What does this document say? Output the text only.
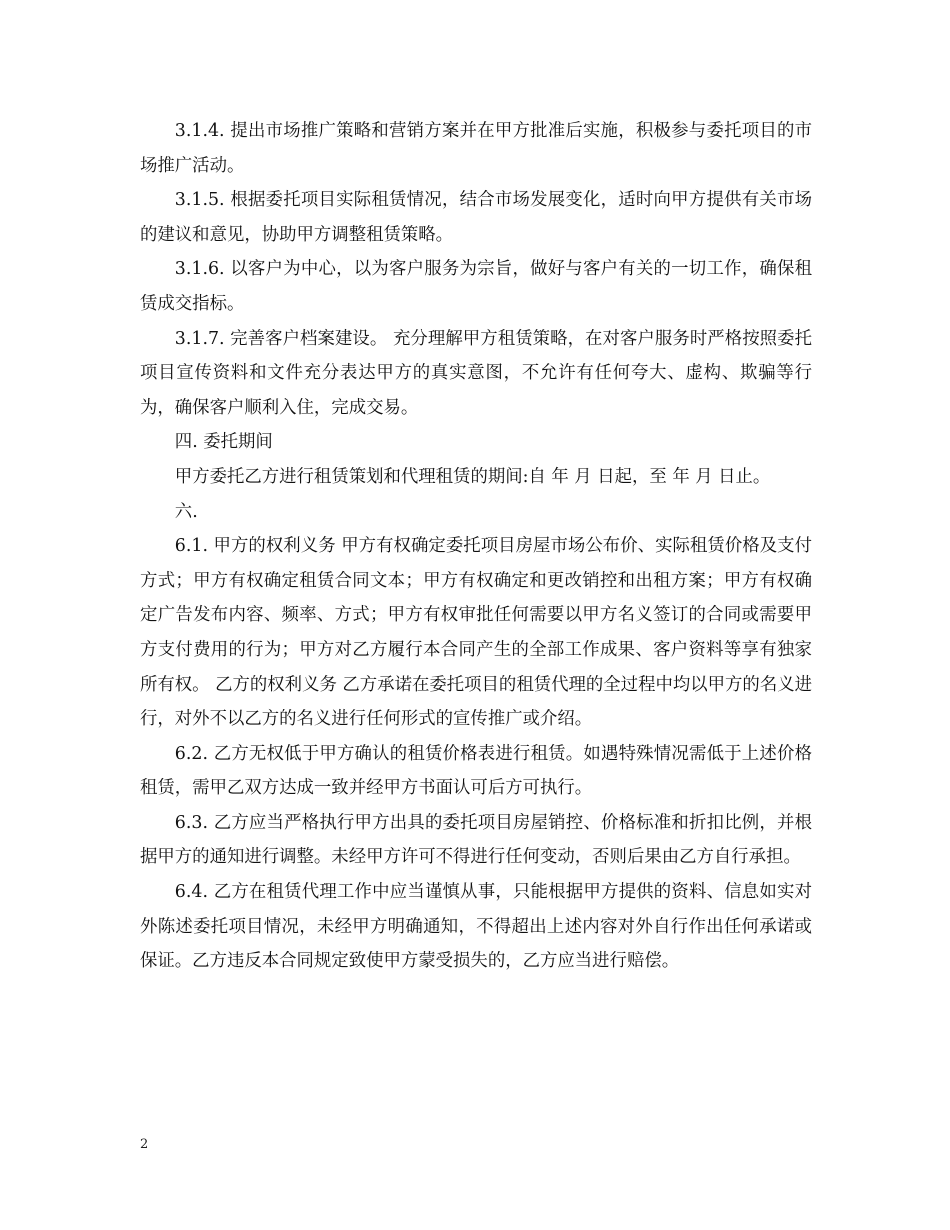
3.1.4. 提出市场推广策略和营销方案并在甲方批准后实施，积极参与委托项目的市场推广活动。

3.1.5. 根据委托项目实际租赁情况，结合市场发展变化，适时向甲方提供有关市场的建议和意见，协助甲方调整租赁策略。

3.1.6. 以客户为中心，以为客户服务为宗旨，做好与客户有关的一切工作，确保租赁成交指标。

3.1.7. 完善客户档案建设。 充分理解甲方租赁策略，在对客户服务时严格按照委托项目宣传资料和文件充分表达甲方的真实意图，不允许有任何夸大、虚构、欺骗等行为，确保客户顺利入住，完成交易。

四. 委托期间

甲方委托乙方进行租赁策划和代理租赁的期间:自 年 月 日起，至 年 月 日止。

六.

6.1. 甲方的权利义务 甲方有权确定委托项目房屋市场公布价、实际租赁价格及支付方式；甲方有权确定租赁合同文本；甲方有权确定和更改销控和出租方案；甲方有权确定广告发布内容、频率、方式；甲方有权审批任何需要以甲方名义签订的合同或需要甲方支付费用的行为；甲方对乙方履行本合同产生的全部工作成果、客户资料等享有独家所有权。 乙方的权利义务 乙方承诺在委托项目的租赁代理的全过程中均以甲方的名义进行，对外不以乙方的名义进行任何形式的宣传推广或介绍。

6.2. 乙方无权低于甲方确认的租赁价格表进行租赁。如遇特殊情况需低于上述价格租赁，需甲乙双方达成一致并经甲方书面认可后方可执行。

6.3. 乙方应当严格执行甲方出具的委托项目房屋销控、价格标准和折扣比例，并根据甲方的通知进行调整。未经甲方许可不得进行任何变动，否则后果由乙方自行承担。

6.4. 乙方在租赁代理工作中应当谨慎从事，只能根据甲方提供的资料、信息如实对外陈述委托项目情况，未经甲方明确通知，不得超出上述内容对外自行作出任何承诺或保证。乙方违反本合同规定致使甲方蒙受损失的，乙方应当进行赔偿。

2
